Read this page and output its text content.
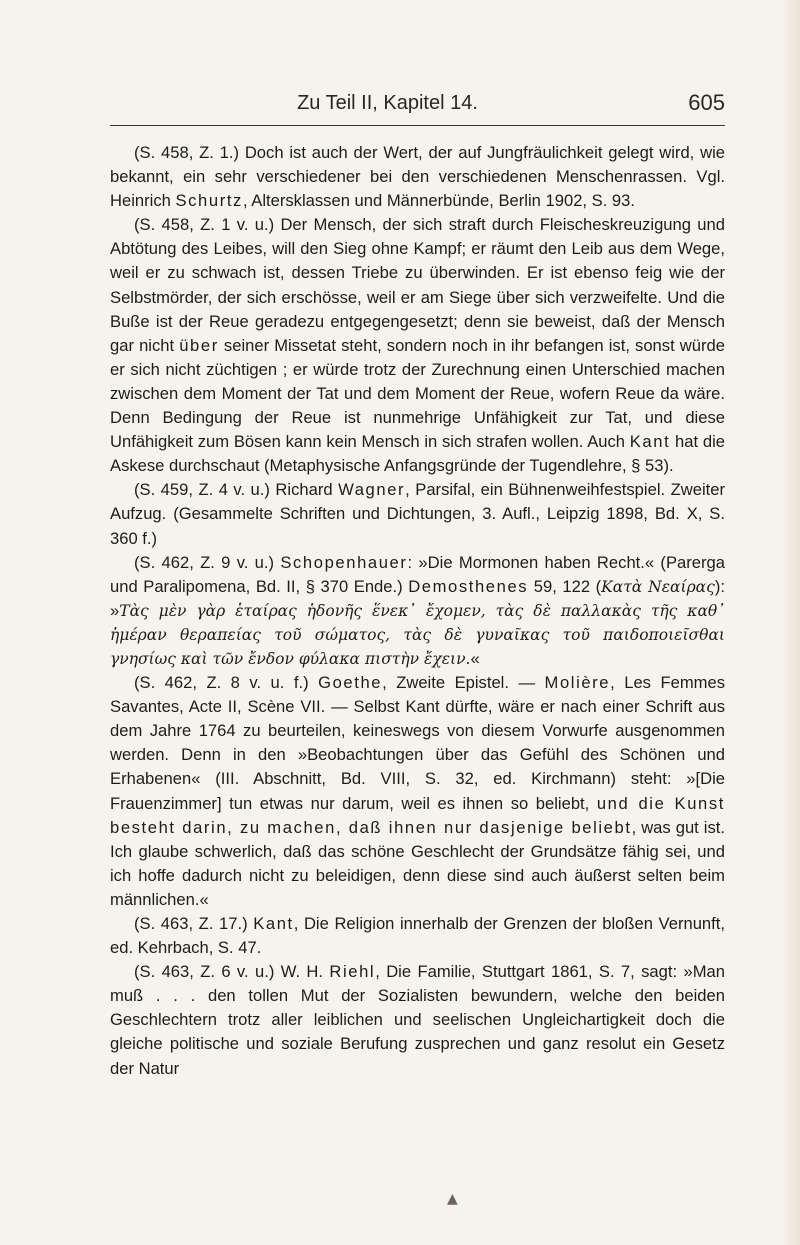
Zu Teil II, Kapitel 14.	605

(S. 458, Z. 1.) Doch ist auch der Wert, der auf Jungfräulichkeit gelegt wird, wie bekannt, ein sehr verschiedener bei den verschiedenen Menschenrassen. Vgl. Heinrich Schurtz, Altersklassen und Männerbünde, Berlin 1902, S. 93.

(S. 458, Z. 1 v. u.) Der Mensch, der sich straft durch Fleischeskreuzigung und Abtötung des Leibes, will den Sieg ohne Kampf; er räumt den Leib aus dem Wege, weil er zu schwach ist, dessen Triebe zu überwinden. Er ist ebenso feig wie der Selbstmörder, der sich erschösse, weil er am Siege über sich verzweifelte. Und die Buße ist der Reue geradezu entgegengesetzt; denn sie beweist, daß der Mensch gar nicht über seiner Missetat steht, sondern noch in ihr befangen ist, sonst würde er sich nicht züchtigen ; er würde trotz der Zurechnung einen Unterschied machen zwischen dem Moment der Tat und dem Moment der Reue, wofern Reue da wäre. Denn Bedingung der Reue ist nunmehrige Unfähigkeit zur Tat, und diese Unfähigkeit zum Bösen kann kein Mensch in sich strafen wollen. Auch Kant hat die Askese durchschaut (Metaphysische Anfangsgründe der Tugendlehre, § 53).

(S. 459, Z. 4 v. u.) Richard Wagner, Parsifal, ein Bühnenweihfestspiel. Zweiter Aufzug. (Gesammelte Schriften und Dichtungen, 3. Aufl., Leipzig 1898, Bd. X, S. 360 f.)

(S. 462, Z. 9 v. u.) Schopenhauer: »Die Mormonen haben Recht.« (Parerga und Paralipomena, Bd. II, § 370 Ende.) Demosthenes 59, 122 (Κατὰ Νεαίρας): »Τὰς μὲν γὰρ ἑταίρας ἡδονῆς ἕνεκ᾽ ἔχομεν, τὰς δὲ παλλακὰς τῆς καθ᾽ ἡμέραν θεραπείας τοῦ σώματος, τὰς δὲ γυναῖκας τοῦ παιδοποιεῖσθαι γνησίως καὶ τῶν ἔνδον φύλακα πιστὴν ἔχειν.«

(S. 462, Z. 8 v. u. f.) Goethe, Zweite Epistel. — Molière, Les Femmes Savantes, Acte II, Scène VII. — Selbst Kant dürfte, wäre er nach einer Schrift aus dem Jahre 1764 zu beurteilen, keineswegs von diesem Vorwurfe ausgenommen werden. Denn in den »Beobachtungen über das Gefühl des Schönen und Erhabenen« (III. Abschnitt, Bd. VIII, S. 32, ed. Kirchmann) steht: »[Die Frauenzimmer] tun etwas nur darum, weil es ihnen so beliebt, und die Kunst besteht darin, zu machen, daß ihnen nur dasjenige beliebt, was gut ist. Ich glaube schwerlich, daß das schöne Geschlecht der Grundsätze fähig sei, und ich hoffe dadurch nicht zu beleidigen, denn diese sind auch äußerst selten beim männlichen.«

(S. 463, Z. 17.) Kant, Die Religion innerhalb der Grenzen der bloßen Vernunft, ed. Kehrbach, S. 47.

(S. 463, Z. 6 v. u.) W. H. Riehl, Die Familie, Stuttgart 1861, S. 7, sagt: »Man muß . . . den tollen Mut der Sozialisten bewundern, welche den beiden Geschlechtern trotz aller leiblichen und seelischen Ungleichartigkeit doch die gleiche politische und soziale Berufung zusprechen und ganz resolut ein Gesetz der Natur

▲
